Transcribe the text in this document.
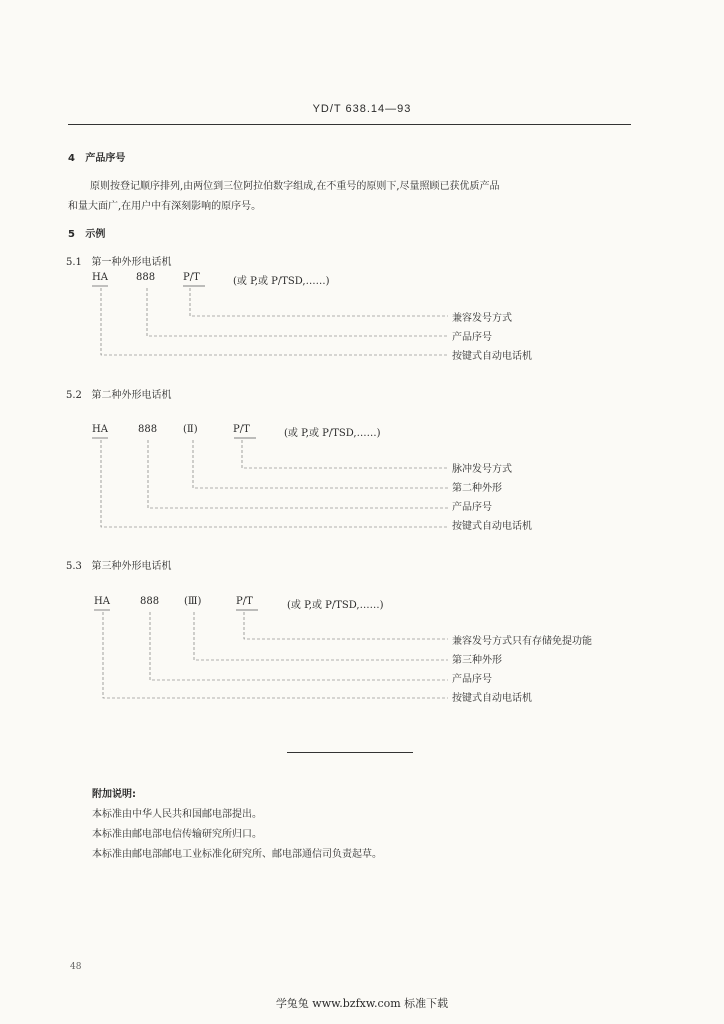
YD/T 638.14—93
4 产品序号
原则按登记顺序排列,由两位到三位阿拉伯数字组成,在不重号的原则下,尽量照顾已获优质产品
和量大面广,在用户中有深刻影响的原序号。
5 示例
5.1 第一种外形电话机
HA	888	P/T	(或 P,或 P/TSD,……)
兼容发号方式
产品序号
按键式自动电话机
5.2 第二种外形电话机
HA	888	(Ⅱ)	P/T	(或 P,或 P/TSD,……)
脉冲发号方式
第二种外形
产品序号
按键式自动电话机
5.3 第三种外形电话机
HA	888 (Ⅲ)	P/T	(或 P,或 P/TSD,……)
兼容发号方式只有存储免提功能
第三种外形
产品序号
按键式自动电话机
附加说明:
本标准由中华人民共和国邮电部提出。
本标准由邮电部电信传输研究所归口。
本标准由邮电部邮电工业标准化研究所、邮电部通信司负责起草。
48
学兔兔 www.bzfxw.com 标准下载
